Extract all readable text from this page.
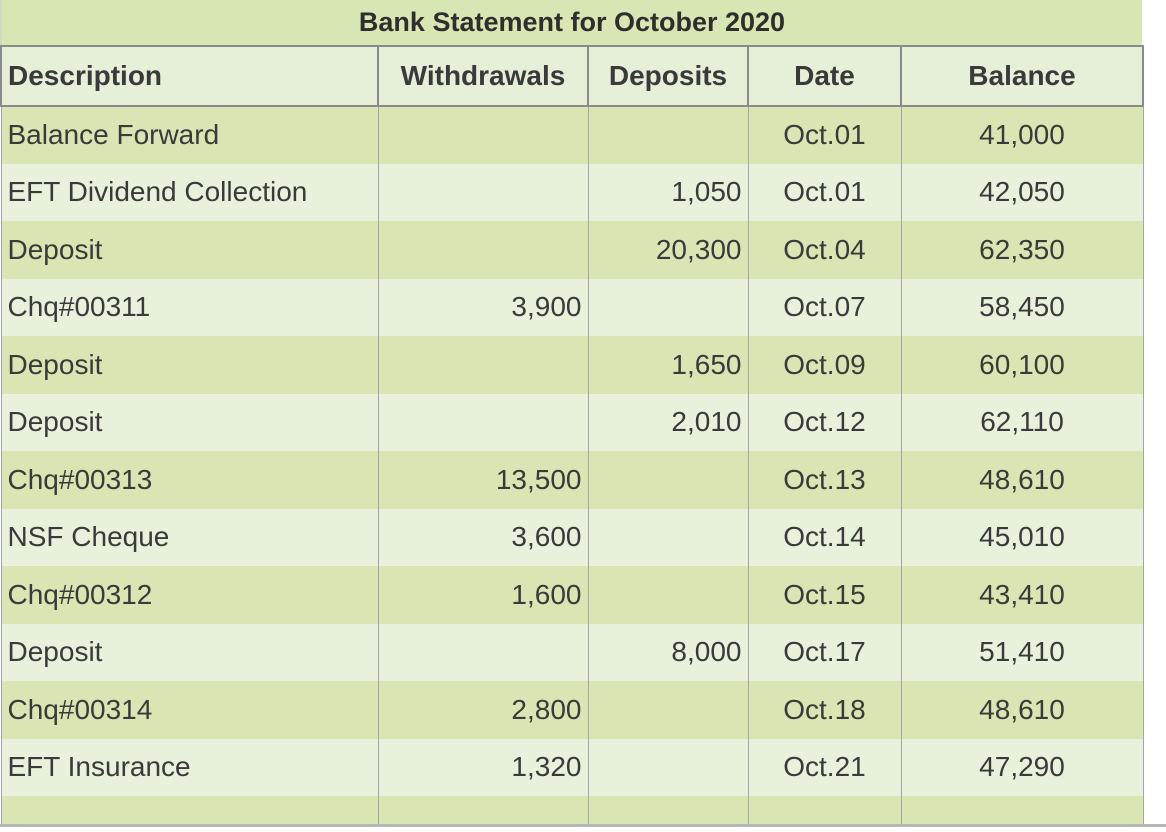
Bank Statement for October 2020
Description	Withdrawals	Deposits	Date	Balance
Balance Forward			Oct.01	41,000
EFT Dividend Collection		1,050	Oct.01	42,050
Deposit		20,300	Oct.04	62,350
Chq#00311	3,900		Oct.07	58,450
Deposit		1,650	Oct.09	60,100
Deposit		2,010	Oct.12	62,110
Chq#00313	13,500		Oct.13	48,610
NSF Cheque	3,600		Oct.14	45,010
Chq#00312	1,600		Oct.15	43,410
Deposit		8,000	Oct.17	51,410
Chq#00314	2,800		Oct.18	48,610
EFT Insurance	1,320		Oct.21	47,290
